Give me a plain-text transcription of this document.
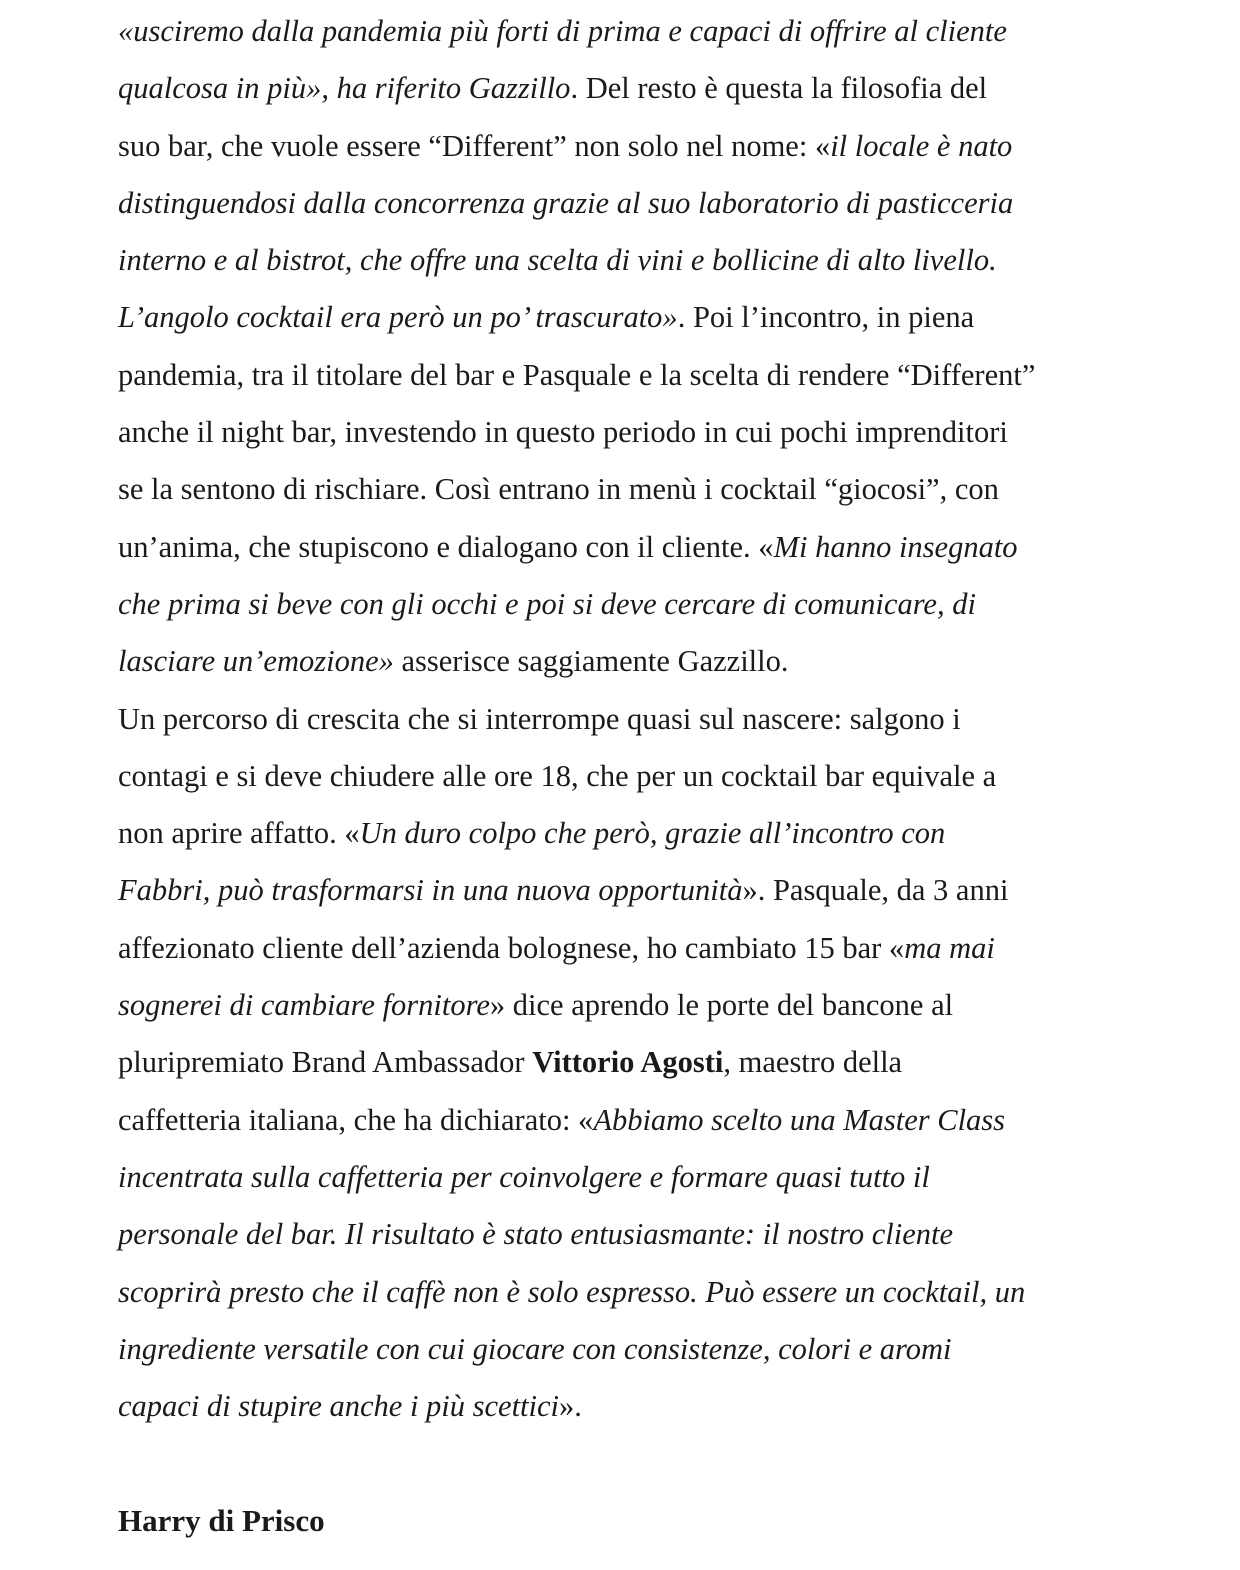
«usciremo dalla pandemia più forti di prima e capaci di offrire al cliente
qualcosa in più», ha riferito Gazzillo. Del resto è questa la filosofia del
suo bar, che vuole essere “Different” non solo nel nome: «il locale è nato
distinguendosi dalla concorrenza grazie al suo laboratorio di pasticceria
interno e al bistrot, che offre una scelta di vini e bollicine di alto livello.
L’angolo cocktail era però un po’ trascurato». Poi l’incontro, in piena
pandemia, tra il titolare del bar e Pasquale e la scelta di rendere “Different”
anche il night bar, investendo in questo periodo in cui pochi imprenditori
se la sentono di rischiare. Così entrano in menù i cocktail “giocosi”, con
un’anima, che stupiscono e dialogano con il cliente. «Mi hanno insegnato
che prima si beve con gli occhi e poi si deve cercare di comunicare, di
lasciare un’emozione» asserisce saggiamente Gazzillo.
Un percorso di crescita che si interrompe quasi sul nascere: salgono i
contagi e si deve chiudere alle ore 18, che per un cocktail bar equivale a
non aprire affatto. «Un duro colpo che però, grazie all’incontro con
Fabbri, può trasformarsi in una nuova opportunità». Pasquale, da 3 anni
affezionato cliente dell’azienda bolognese, ho cambiato 15 bar «ma mai
sognerei di cambiare fornitore» dice aprendo le porte del bancone al
pluripremiato Brand Ambassador Vittorio Agosti, maestro della
caffetteria italiana, che ha dichiarato: «Abbiamo scelto una Master Class
incentrata sulla caffetteria per coinvolgere e formare quasi tutto il
personale del bar. Il risultato è stato entusiasmante: il nostro cliente
scoprirà presto che il caffè non è solo espresso. Può essere un cocktail, un
ingrediente versatile con cui giocare con consistenze, colori e aromi
capaci di stupire anche i più scettici».
Harry di Prisco
